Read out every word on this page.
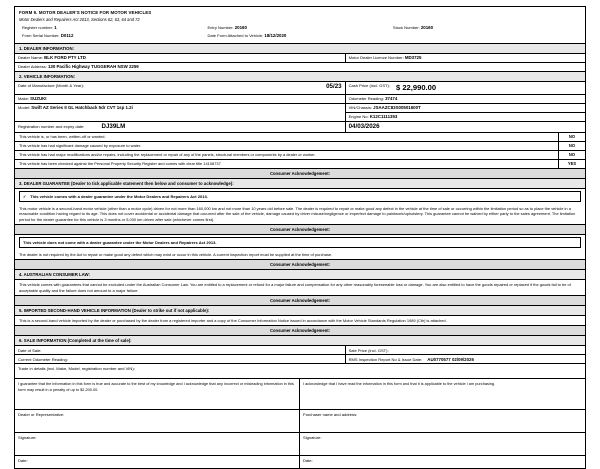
FORM 9. MOTOR DEALER'S NOTICE FOR MOTOR VEHICLES
Motor Dealers and Repairers Act 2013, Sections 62, 63, 64 and 72
Register number: 1	Entry Number: 20160	Stock Number: 20160
Form Serial Number: D0112	Date Form Attached to Vehicle: 18/12/2020
1. DEALER INFORMATION:
Dealer Name: BLK FORD PTY LTD	Motor Dealer Licence Number: MD3725
Dealer Address: 130 Pacific Highway TUGGERAH NSW 2259
2. VEHICLE INFORMATION:
Date of Manufacture (Month & Year):	05/23 Cash Price (incl. GST): $ 22,990.00
Make: SUZUKI	Odometer Reading: 37474
Model: Swift AZ Series II GL Hatchback 5dr CVT 1sp 1.2i	VIN/Chassis: JSAAZC83S00501600T
Engine No: K12C1111353
Registration number and expiry date:	DJ39LM	04/03/2026
This vehicle is, or has been, written-off or wanted.	NO
This vehicle has had significant damage caused by exposure to water.	NO
This vehicle has had major modifications and/or repairs, including the replacement or repair of any of the panels, structural members or components by a dealer or worker.	NO
This vehicle has been checked against the Personal Property Security Register and comes with clear title 14108737	YES
Consumer Acknowledgement:
3. DEALER GUARANTEE (Dealer to tick applicable statement then below and consumer to acknowledge):
✓ This vehicle comes with a dealer guarantee under the Motor Dealers and Repairers Act 2013.
This motor vehicle is a second-hand motor vehicle (other than a motor cycle) driven for not more than 160,000 km and not more than 10 years old before sale. The dealer is required to repair or make good any defect in the vehicle at the time of sale or occurring within the limitation period so as to place the vehicle in a reasonable condition having regard to its age. This does not cover accidental or accidental damage that occurred after the sale of the vehicle, damage caused by driver misuse/negligence or imperfect damage to paintwork/upholstery. This guarantee cannot be waived by either party to the sales agreement. The limitation period for the dealer guarantee for this vehicle is 3 months or 5,000 km driven after sale (whichever comes first).
Consumer Acknowledgement:
This vehicle does not come with a dealer guarantee under the Motor Dealers and Repairers Act 2013.
The dealer is not required by the Act to repair or make good any defect which may exist or occur in this vehicle. A current inspection report must be supplied at the time of purchase.
Consumer Acknowledgement:
4. AUSTRALIAN CONSUMER LAW:
This vehicle comes with guarantees that cannot be excluded under the Australian Consumer Law. You are entitled to a replacement or refund for a major failure and compensation for any other reasonably foreseeable loss or damage. You are also entitled to have the goods repaired or replaced if the goods fail to be of acceptable quality and the failure does not amount to a major failure.
Consumer Acknowledgement:
5. IMPORTED SECOND-HAND VEHICLE INFORMATION (Dealer to strike out if not applicable):
This is a second-hand vehicle imported by the dealer or purchased by the dealer from a registered importer and a copy of the Consumer Information Notice issued in accordance with the Motor Vehicle Standards Regulation 1989 (Cth) is attached.
Consumer Acknowledgement:
6. SALE INFORMATION (Completed at the time of sale):
Date of Sale:	Sale Price (incl. GST):
Current Odometer Reading:	RMS Inspection Report No & Issue Date: AU0770577 02/09/2026
Trade in details (incl. Make, Model, registration number and VIN):
I guarantee that the information in this form is true and accurate to the best of my knowledge and I acknowledge that any incorrect or misleading information in this form may result in a penalty of up to $2,200.00.
I acknowledge that I have read the information in this form and that it is applicable to the vehicle I am purchasing.
Dealer or Representative:	Purchaser name and address:
Signature:	Signature:
Date:	Date:
